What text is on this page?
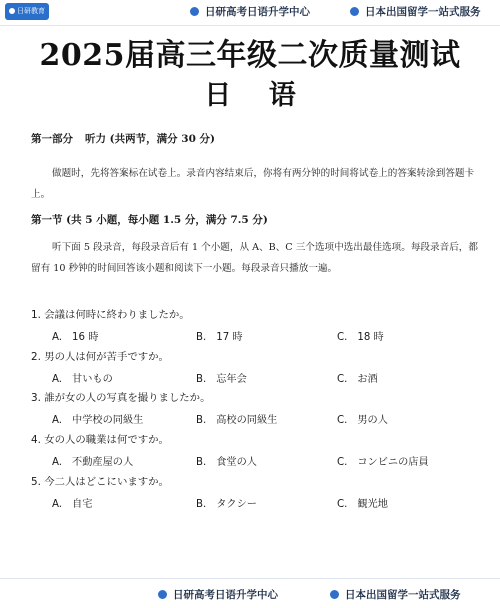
日研教育	日研高考日语升学中心	日本出国留学一站式服务
2025届高三年级二次质量测试
日 语
第一部分 听力 (共两节，满分 30 分)
做题时，先将答案标在试卷上。录音内容结束后，你将有两分钟的时间将试卷上的答案转涂到答题卡上。
第一节 (共 5 小题，每小题 1.5 分，满分 7.5 分)
听下面 5 段录音，每段录音后有 1 个小题，从 A、B、C 三个选项中选出最佳选项。每段录音后，都留有 10 秒钟的时间回答该小题和阅读下一小题。每段录音只播放一遍。
1. 会議は何時に終わりましたか。
A. 16 時	B. 17 時	C. 18 時
2. 男の人は何が苦手ですか。
A. 甘いもの	B. 忘年会	C. お酒
3. 誰が女の人の写真を撮りましたか。
A. 中学校の同級生	B. 高校の同級生	C. 男の人
4. 女の人の職業は何ですか。
A. 不動産屋の人	B. 食堂の人	C. コンビニの店員
5. 今二人はどこにいますか。
A. 自宅	B. タクシー	C. 観光地
日研高考日语升学中心	日本出国留学一站式服务
